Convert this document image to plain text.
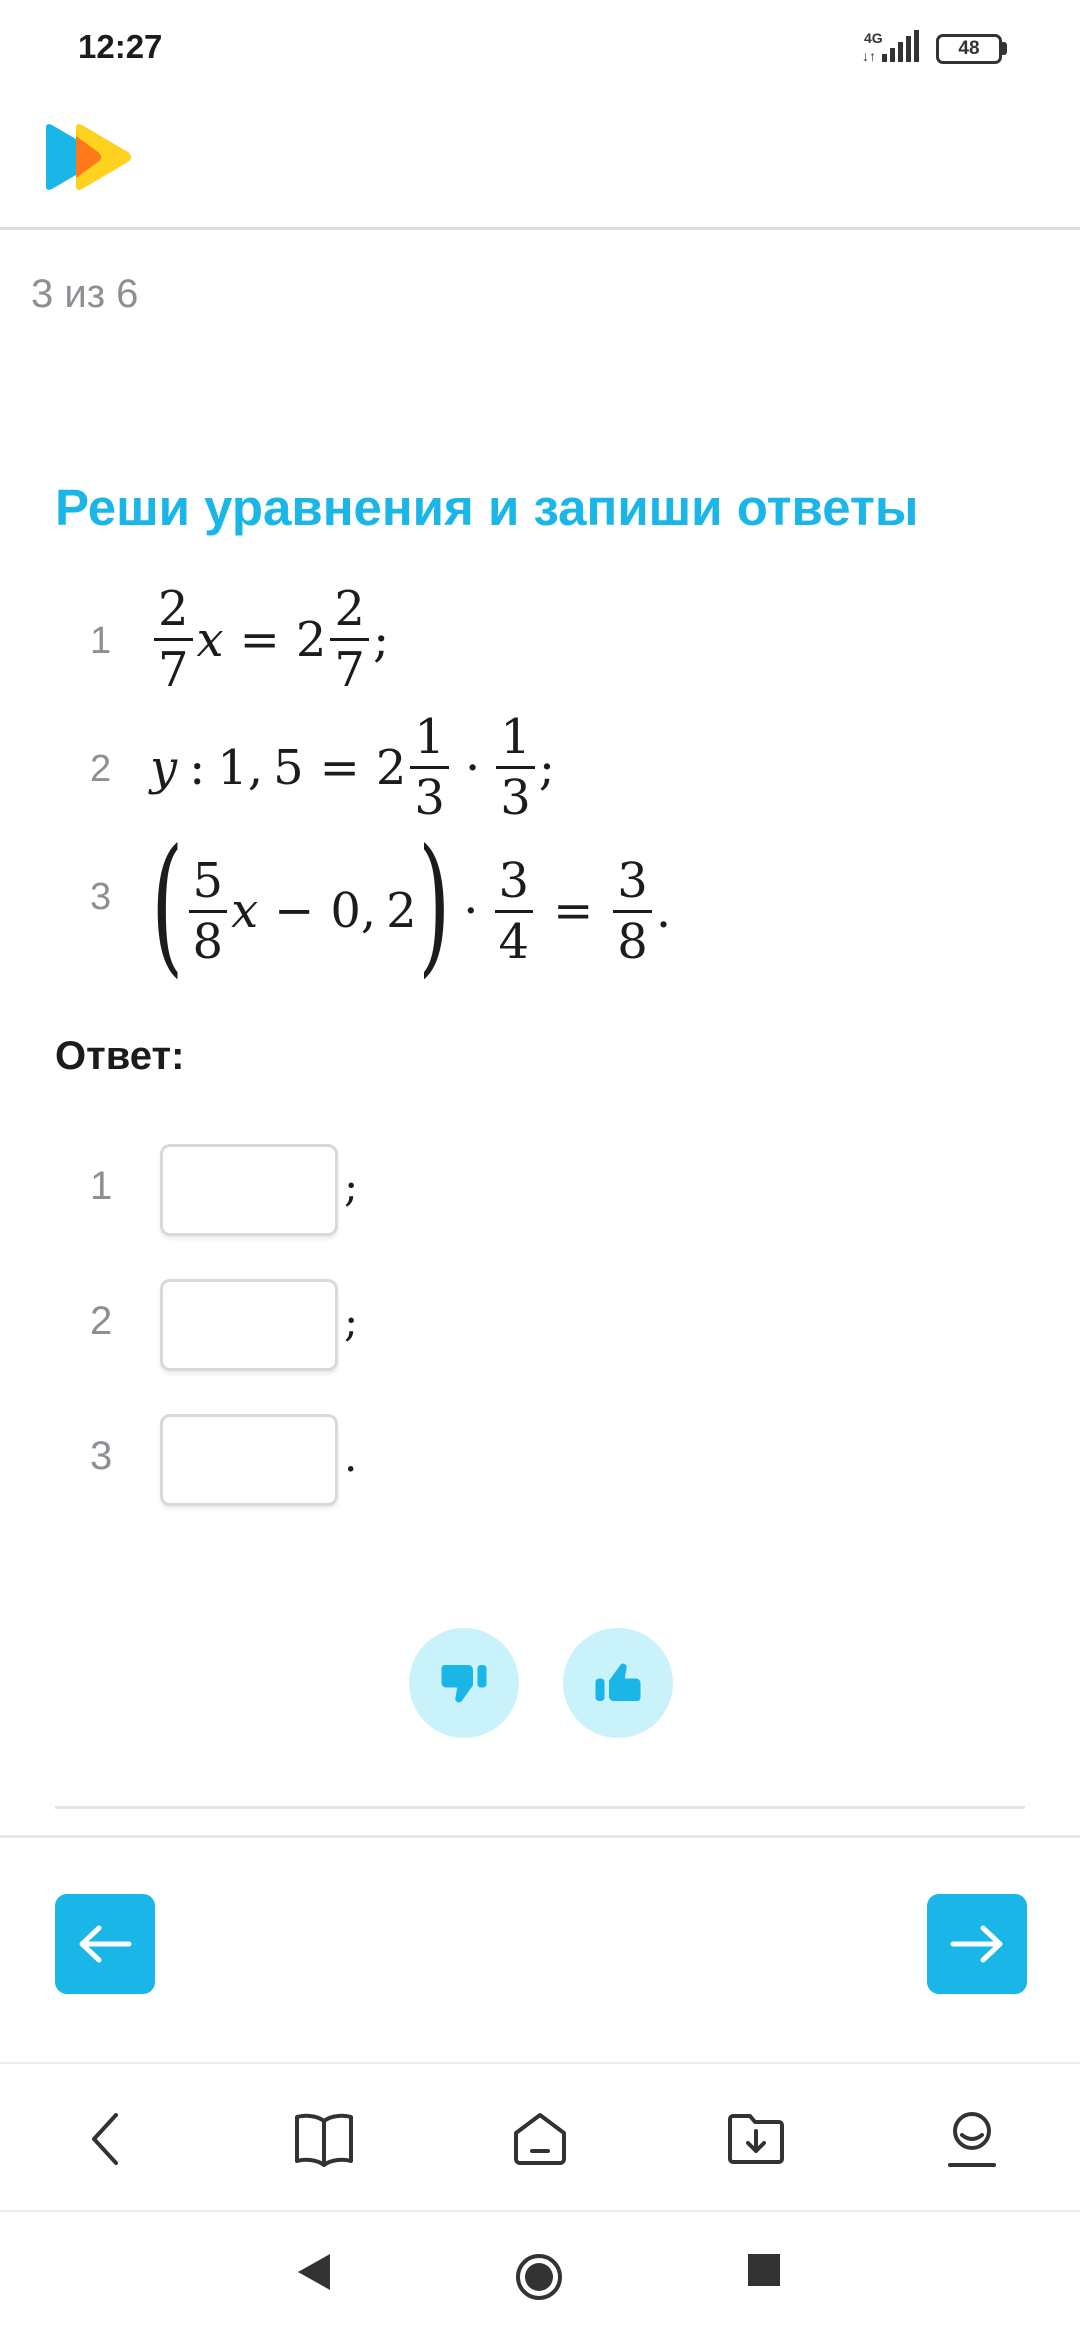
12:27	4G
↓↑	48
3 из 6
Реши уравнения и запиши ответы
$1 \frac{2}{7}$ $x = 2 \frac{2}{7}$ ;
2 y : 1, $5 = 2 \frac{1}{3} \cdot \frac{1}{3}$ ;
3 ( $\frac{5}{8}$ x − 0, 2 ) · $\frac{3}{4} = \frac{3}{8}$ .
Ответ:
1	;
2	;
3	.
